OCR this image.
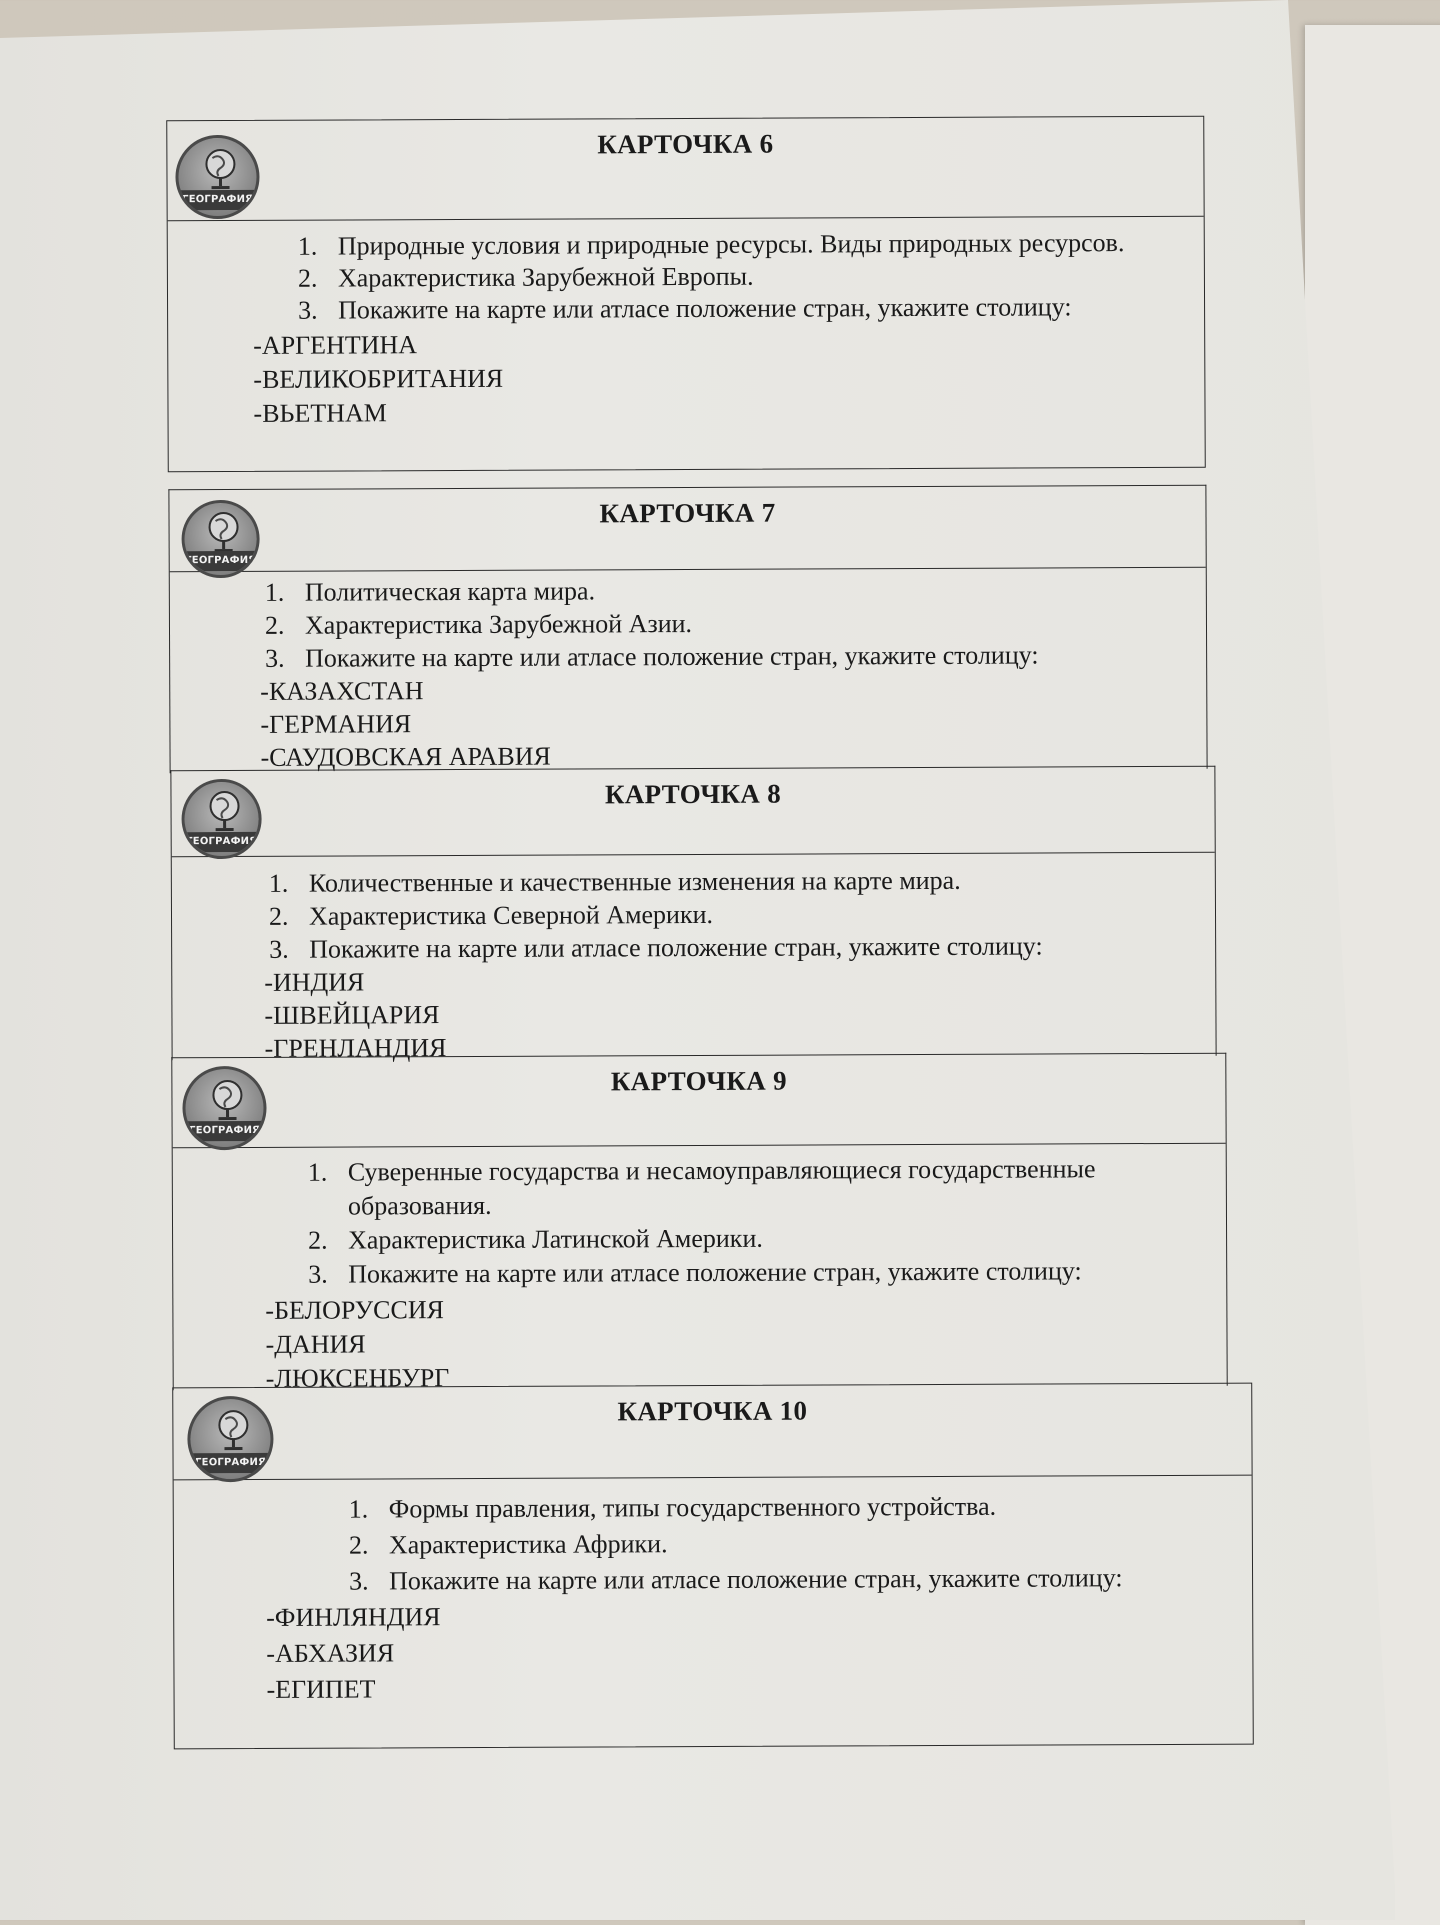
ГЕОГРАФИЯ
КАРТОЧКА 6
1. Природные условия и природные ресурсы. Виды природных ресурсов.
2. Характеристика Зарубежной Европы.
3. Покажите на карте или атласе положение стран, укажите столицу:
-АРГЕНТИНА
-ВЕЛИКОБРИТАНИЯ
-ВЬЕТНАМ
ГЕОГРАФИЯ
КАРТОЧКА 7
1. Политическая карта мира.
2. Характеристика Зарубежной Азии.
3. Покажите на карте или атласе положение стран, укажите столицу:
-КАЗАХСТАН
-ГЕРМАНИЯ
-САУДОВСКАЯ АРАВИЯ
ГЕОГРАФИЯ
КАРТОЧКА 8
1. Количественные и качественные изменения на карте мира.
2. Характеристика Северной Америки.
3. Покажите на карте или атласе положение стран, укажите столицу:
-ИНДИЯ
-ШВЕЙЦАРИЯ
-ГРЕНЛАНДИЯ
ГЕОГРАФИЯ
КАРТОЧКА 9
1. Суверенные государства и несамоуправляющиеся государственные образования.
2. Характеристика Латинской Америки.
3. Покажите на карте или атласе положение стран, укажите столицу:
-БЕЛОРУССИЯ
-ДАНИЯ
-ЛЮКСЕНБУРГ
ГЕОГРАФИЯ
КАРТОЧКА 10
1. Формы правления, типы государственного устройства.
2. Характеристика Африки.
3. Покажите на карте или атласе положение стран, укажите столицу:
-ФИНЛЯНДИЯ
-АБХАЗИЯ
-ЕГИПЕТ
